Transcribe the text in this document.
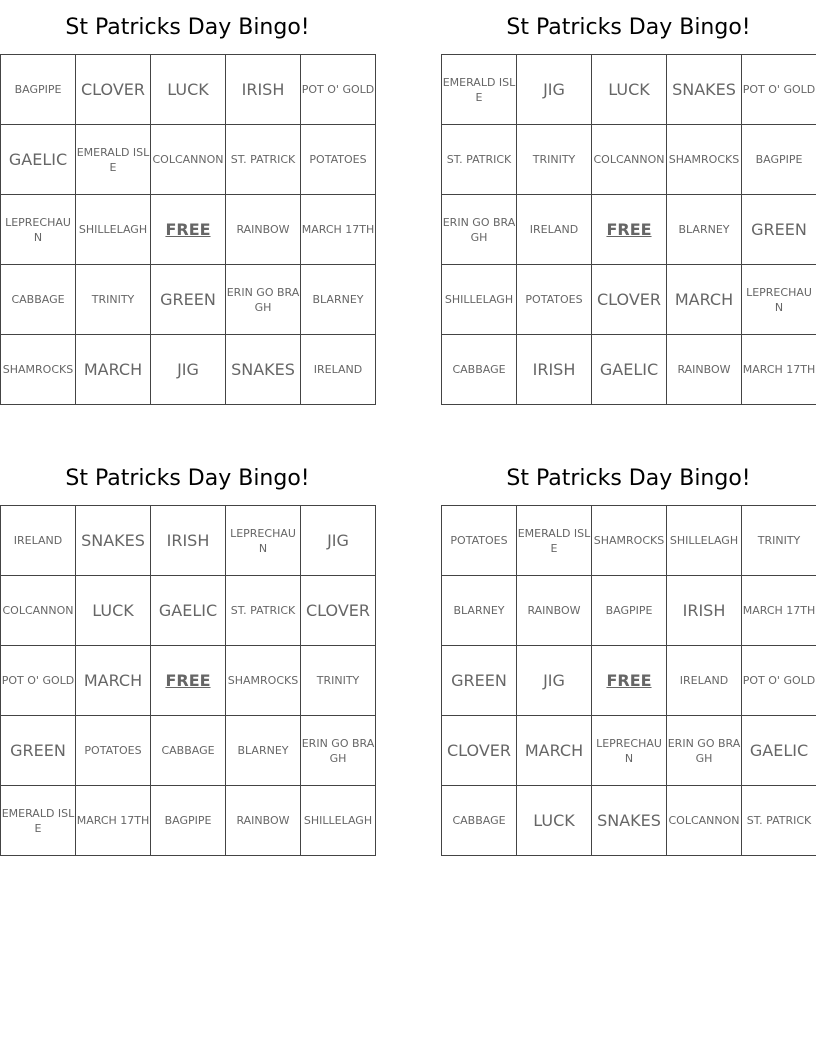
St Patricks Day Bingo!
BAGPIPE	CLOVER	LUCK	IRISH	POT O' GOLD
GAELIC	EMERALD ISLE	COLCANNON	ST. PATRICK	POTATOES
LEPRECHAUN	SHILLELAGH	FREE	RAINBOW	MARCH 17TH
CABBAGE	TRINITY	GREEN	ERIN GO BRAGH	BLARNEY
SHAMROCKS	MARCH	JIG	SNAKES	IRELAND
St Patricks Day Bingo!
EMERALD ISLE	JIG	LUCK	SNAKES	POT O' GOLD
ST. PATRICK	TRINITY	COLCANNON	SHAMROCKS	BAGPIPE
ERIN GO BRAGH	IRELAND	FREE	BLARNEY	GREEN
SHILLELAGH	POTATOES	CLOVER	MARCH	LEPRECHAUN
CABBAGE	IRISH	GAELIC	RAINBOW	MARCH 17TH
St Patricks Day Bingo!
IRELAND	SNAKES	IRISH	LEPRECHAUN	JIG
COLCANNON	LUCK	GAELIC	ST. PATRICK	CLOVER
POT O' GOLD	MARCH	FREE	SHAMROCKS	TRINITY
GREEN	POTATOES	CABBAGE	BLARNEY	ERIN GO BRAGH
EMERALD ISLE	MARCH 17TH	BAGPIPE	RAINBOW	SHILLELAGH
St Patricks Day Bingo!
POTATOES	EMERALD ISLE	SHAMROCKS	SHILLELAGH	TRINITY
BLARNEY	RAINBOW	BAGPIPE	IRISH	MARCH 17TH
GREEN	JIG	FREE	IRELAND	POT O' GOLD
CLOVER	MARCH	LEPRECHAUN	ERIN GO BRAGH	GAELIC
CABBAGE	LUCK	SNAKES	COLCANNON	ST. PATRICK
